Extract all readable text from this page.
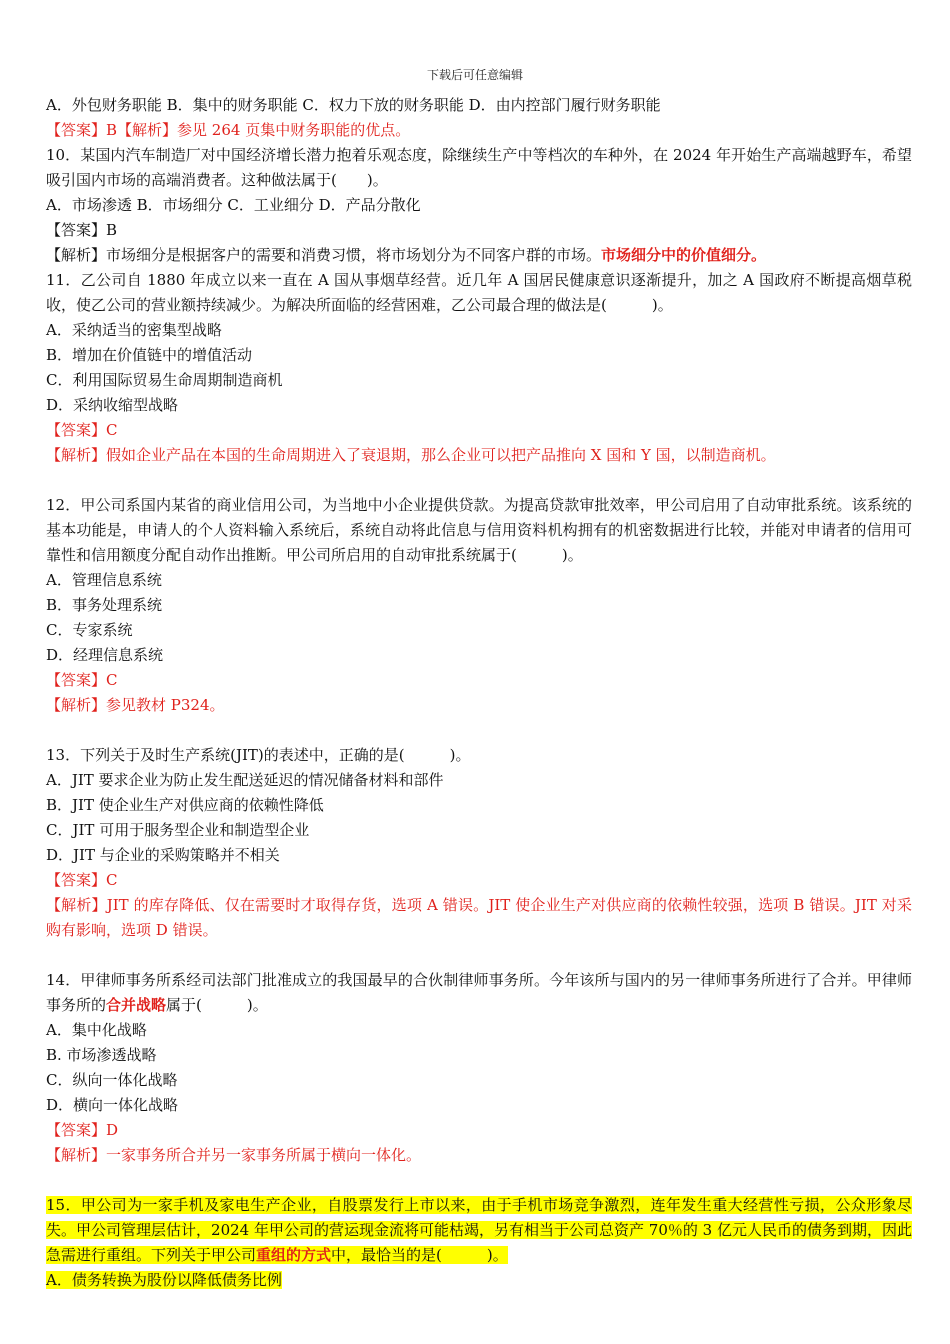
下载后可任意编辑
A．外包财务职能 B．集中的财务职能 C．权力下放的财务职能 D．由内控部门履行财务职能
【答案】B【解析】参见 264 页集中财务职能的优点。
10．某国内汽车制造厂对中国经济增长潜力抱着乐观态度，除继续生产中等档次的车种外，在 2024 年开始生产高端越野车，希望吸引国内市场的高端消费者。这种做法属于(　　)。
A．市场渗透 B．市场细分 C．工业细分 D．产品分散化
【答案】B
【解析】市场细分是根据客户的需要和消费习惯，将市场划分为不同客户群的市场。市场细分中的价值细分。
11．乙公司自 1880 年成立以来一直在 A 国从事烟草经营。近几年 A 国居民健康意识逐渐提升，加之 A 国政府不断提高烟草税收，使乙公司的营业额持续减少。为解决所面临的经营困难，乙公司最合理的做法是(　　　)。
A．采纳适当的密集型战略
B．增加在价值链中的增值活动
C．利用国际贸易生命周期制造商机
D．采纳收缩型战略
【答案】C
【解析】假如企业产品在本国的生命周期进入了衰退期，那么企业可以把产品推向 X 国和 Y 国，以制造商机。
12．甲公司系国内某省的商业信用公司，为当地中小企业提供贷款。为提高贷款审批效率，甲公司启用了自动审批系统。该系统的基本功能是，申请人的个人资料输入系统后，系统自动将此信息与信用资料机构拥有的机密数据进行比较，并能对申请者的信用可靠性和信用额度分配自动作出推断。甲公司所启用的自动审批系统属于(　　　)。
A．管理信息系统
B．事务处理系统
C．专家系统
D．经理信息系统
【答案】C
【解析】参见教材 P324。
13．下列关于及时生产系统(JIT)的表述中，正确的是(　　　)。
A．JIT 要求企业为防止发生配送延迟的情况储备材料和部件
B．JIT 使企业生产对供应商的依赖性降低
C．JIT 可用于服务型企业和制造型企业
D．JIT 与企业的采购策略并不相关
【答案】C
【解析】JIT 的库存降低、仅在需要时才取得存货，选项 A 错误。JIT 使企业生产对供应商的依赖性较强，选项 B 错误。JIT 对采购有影响，选项 D 错误。
14．甲律师事务所系经司法部门批准成立的我国最早的合伙制律师事务所。今年该所与国内的另一律师事务所进行了合并。甲律师事务所的合并战略属于(　　　)。
A．集中化战略
B. 市场渗透战略
C．纵向一体化战略
D．横向一体化战略
【答案】D
【解析】一家事务所合并另一家事务所属于横向一体化。
15．甲公司为一家手机及家电生产企业，自股票发行上市以来，由于手机市场竞争激烈，连年发生重大经营性亏损，公众形象尽失。甲公司管理层估计，2024 年甲公司的营运现金流将可能枯竭，另有相当于公司总资产 70％的 3 亿元人民币的债务到期，因此急需进行重组。下列关于甲公司重组的方式中，最恰当的是(　　　)。
A．债务转换为股份以降低债务比例
